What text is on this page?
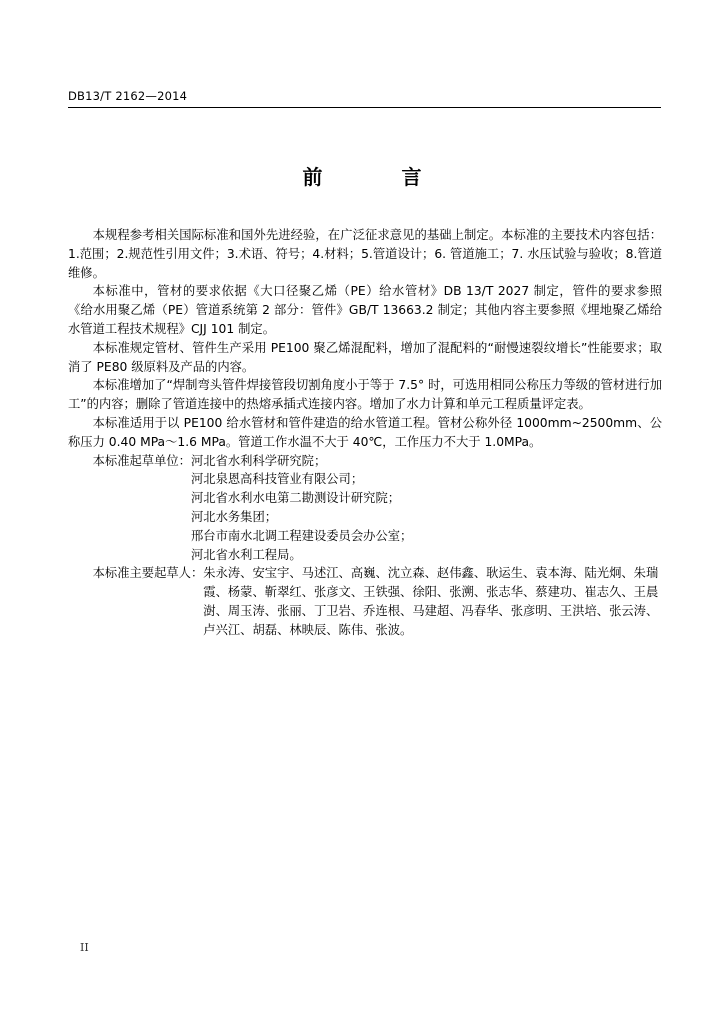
DB13/T 2162—2014
前 言

本规程参考相关国际标准和国外先进经验，在广泛征求意见的基础上制定。本标准的主要技术内容包括：1.范围；2.规范性引用文件；3.术语、符号；4.材料；5.管道设计；6. 管道施工；7. 水压试验与验收；8.管道维修。

本标准中，管材的要求依据《大口径聚乙烯（PE）给水管材》DB 13/T 2027 制定，管件的要求参照《给水用聚乙烯（PE）管道系统第 2 部分：管件》GB/T 13663.2 制定；其他内容主要参照《埋地聚乙烯给水管道工程技术规程》CJJ 101 制定。

本标准规定管材、管件生产采用 PE100 聚乙烯混配料，增加了混配料的“耐慢速裂纹增长”性能要求；取消了 PE80 级原料及产品的内容。

本标准增加了“焊制弯头管件焊接管段切割角度小于等于 7.5° 时，可选用相同公称压力等级的管材进行加工”的内容；删除了管道连接中的热熔承插式连接内容。增加了水力计算和单元工程质量评定表。

本标准适用于以 PE100 给水管材和管件建造的给水管道工程。管材公称外径 1000mm~2500mm、公称压力 0.40 MPa～1.6 MPa。管道工作水温不大于 40℃，工作压力不大于 1.0MPa。

本标准起草单位： 河北省水利科学研究院；
河北泉恩高科技管业有限公司；
河北省水利水电第二勘测设计研究院；
河北水务集团；
邢台市南水北调工程建设委员会办公室；
河北省水利工程局。
本标准主要起草人： 朱永涛、安宝宇、马述江、高巍、沈立森、赵伟鑫、耿运生、袁本海、陆光炯、朱瑞霞、杨蒙、靳翠红、张彦文、王铁强、徐阳、张溯、张志华、蔡建功、崔志久、王晨澍、周玉涛、张丽、丁卫岩、乔连根、马建超、冯春华、张彦明、王洪培、张云涛、卢兴江、胡磊、林映辰、陈伟、张波。
II
